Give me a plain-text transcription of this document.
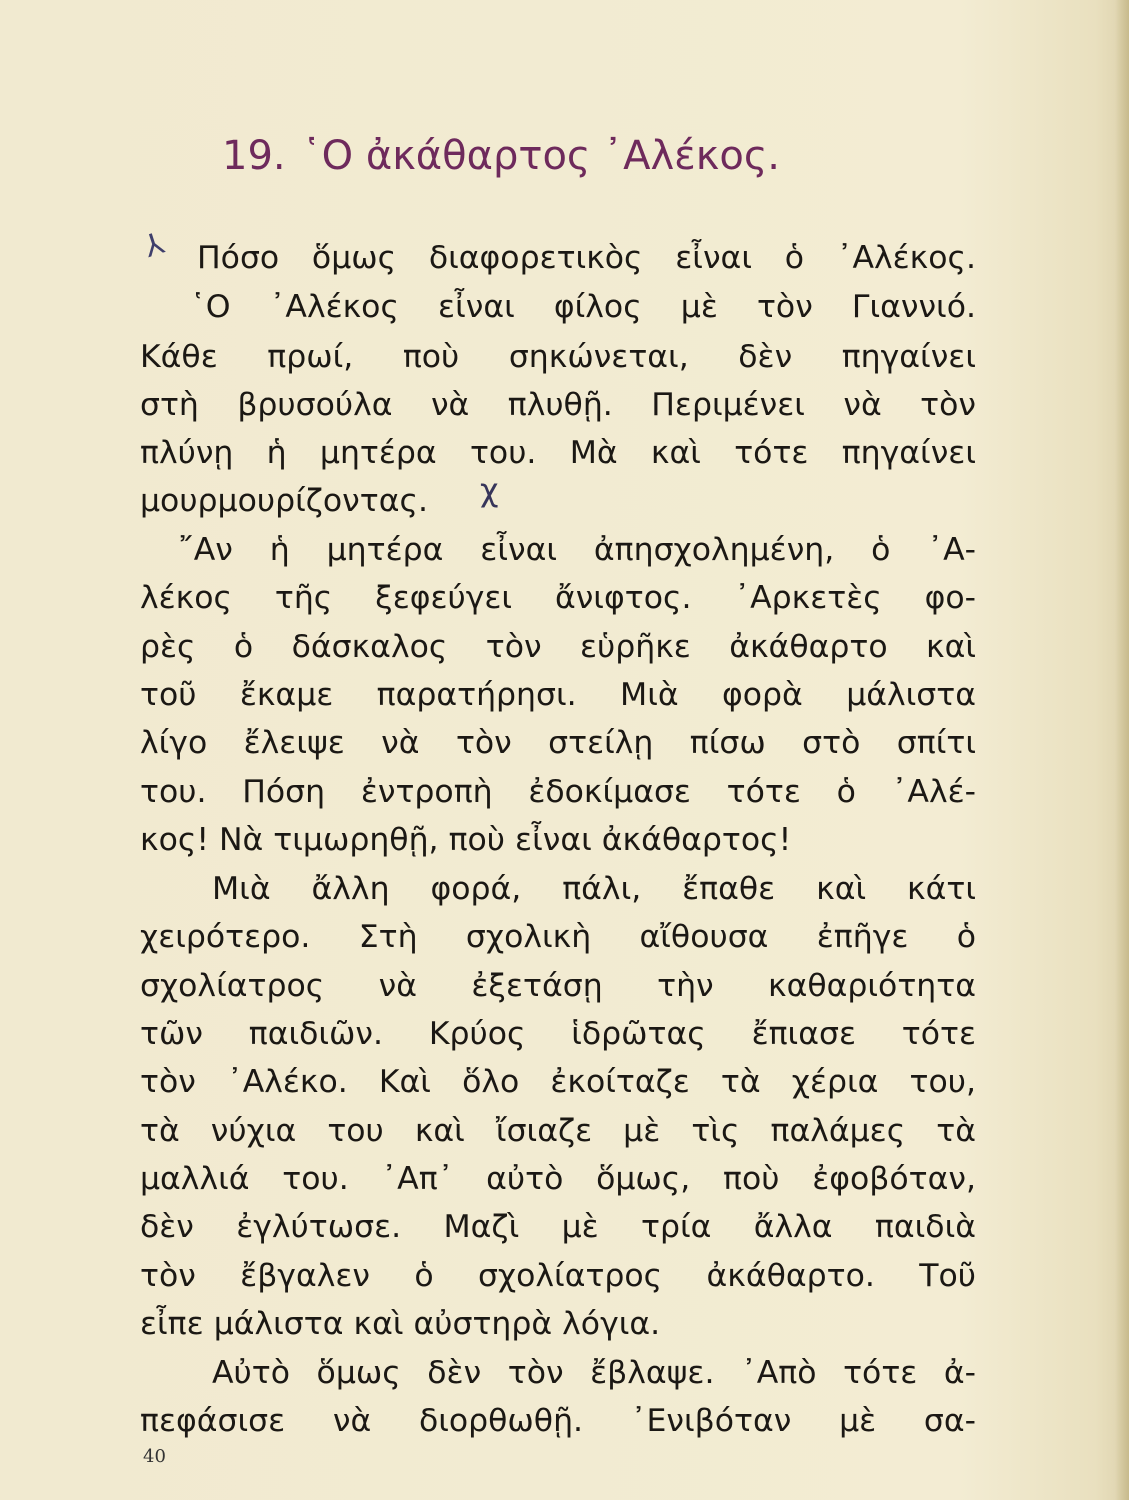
19. ῾Ο ἀκάθαρτος ᾿Αλέκος.
⅄ Πόσο ὅμως διαφορετικὸς εἶναι ὁ ᾿Αλέκος.

῾Ο ᾿Αλέκος εἶναι φίλος μὲ τὸν Γιαννιό.

Κάθε πρωί, ποὺ σηκώνεται, δὲν πηγαίνει

στὴ βρυσούλα νὰ πλυθῇ. Περιμένει νὰ τὸν

πλύνῃ ἡ μητέρα του. Μὰ καὶ τότε πηγαίνει

μουρμουρίζοντας.

῎Αν ἡ μητέρα εἶναι ἀπησχολημένη, ὁ ᾿Α-

λέκος τῆς ξεφεύγει ἄνιφτος. ᾿Αρκετὲς φο-

ρὲς ὁ δάσκαλος τὸν εὑρῆκε ἀκάθαρτο καὶ

τοῦ ἔκαμε παρατήρησι. Μιὰ φορὰ μάλιστα

λίγο ἔλειψε νὰ τὸν στείλῃ πίσω στὸ σπίτι

του. Πόση ἐντροπὴ ἐδοκίμασε τότε ὁ ᾿Αλέ-

κος! Νὰ τιμωρηθῇ, ποὺ εἶναι ἀκάθαρτος!

Μιὰ ἄλλη φορά, πάλι, ἔπαθε καὶ κάτι

χειρότερο. Στὴ σχολικὴ αἴθουσα ἐπῆγε ὁ

σχολίατρος νὰ ἐξετάσῃ τὴν καθαριότητα

τῶν παιδιῶν. Κρύος ἱδρῶτας ἔπιασε τότε

τὸν ᾿Αλέκο. Καὶ ὅλο ἐκοίταζε τὰ χέρια του,

τὰ νύχια του καὶ ἴσιαζε μὲ τὶς παλάμες τὰ

μαλλιά του. ᾿Απ᾿ αὐτὸ ὅμως, ποὺ ἐφοβόταν,

δὲν ἐγλύτωσε. Μαζὶ μὲ τρία ἄλλα παιδιὰ

τὸν ἔβγαλεν ὁ σχολίατρος ἀκάθαρτο. Τοῦ

εἶπε μάλιστα καὶ αὐστηρὰ λόγια.

Αὐτὸ ὅμως δὲν τὸν ἔβλαψε. ᾿Απὸ τότε ἀ-

πεφάσισε νὰ διορθωθῇ. ᾿Ενιβόταν μὲ σα-

χ
40
